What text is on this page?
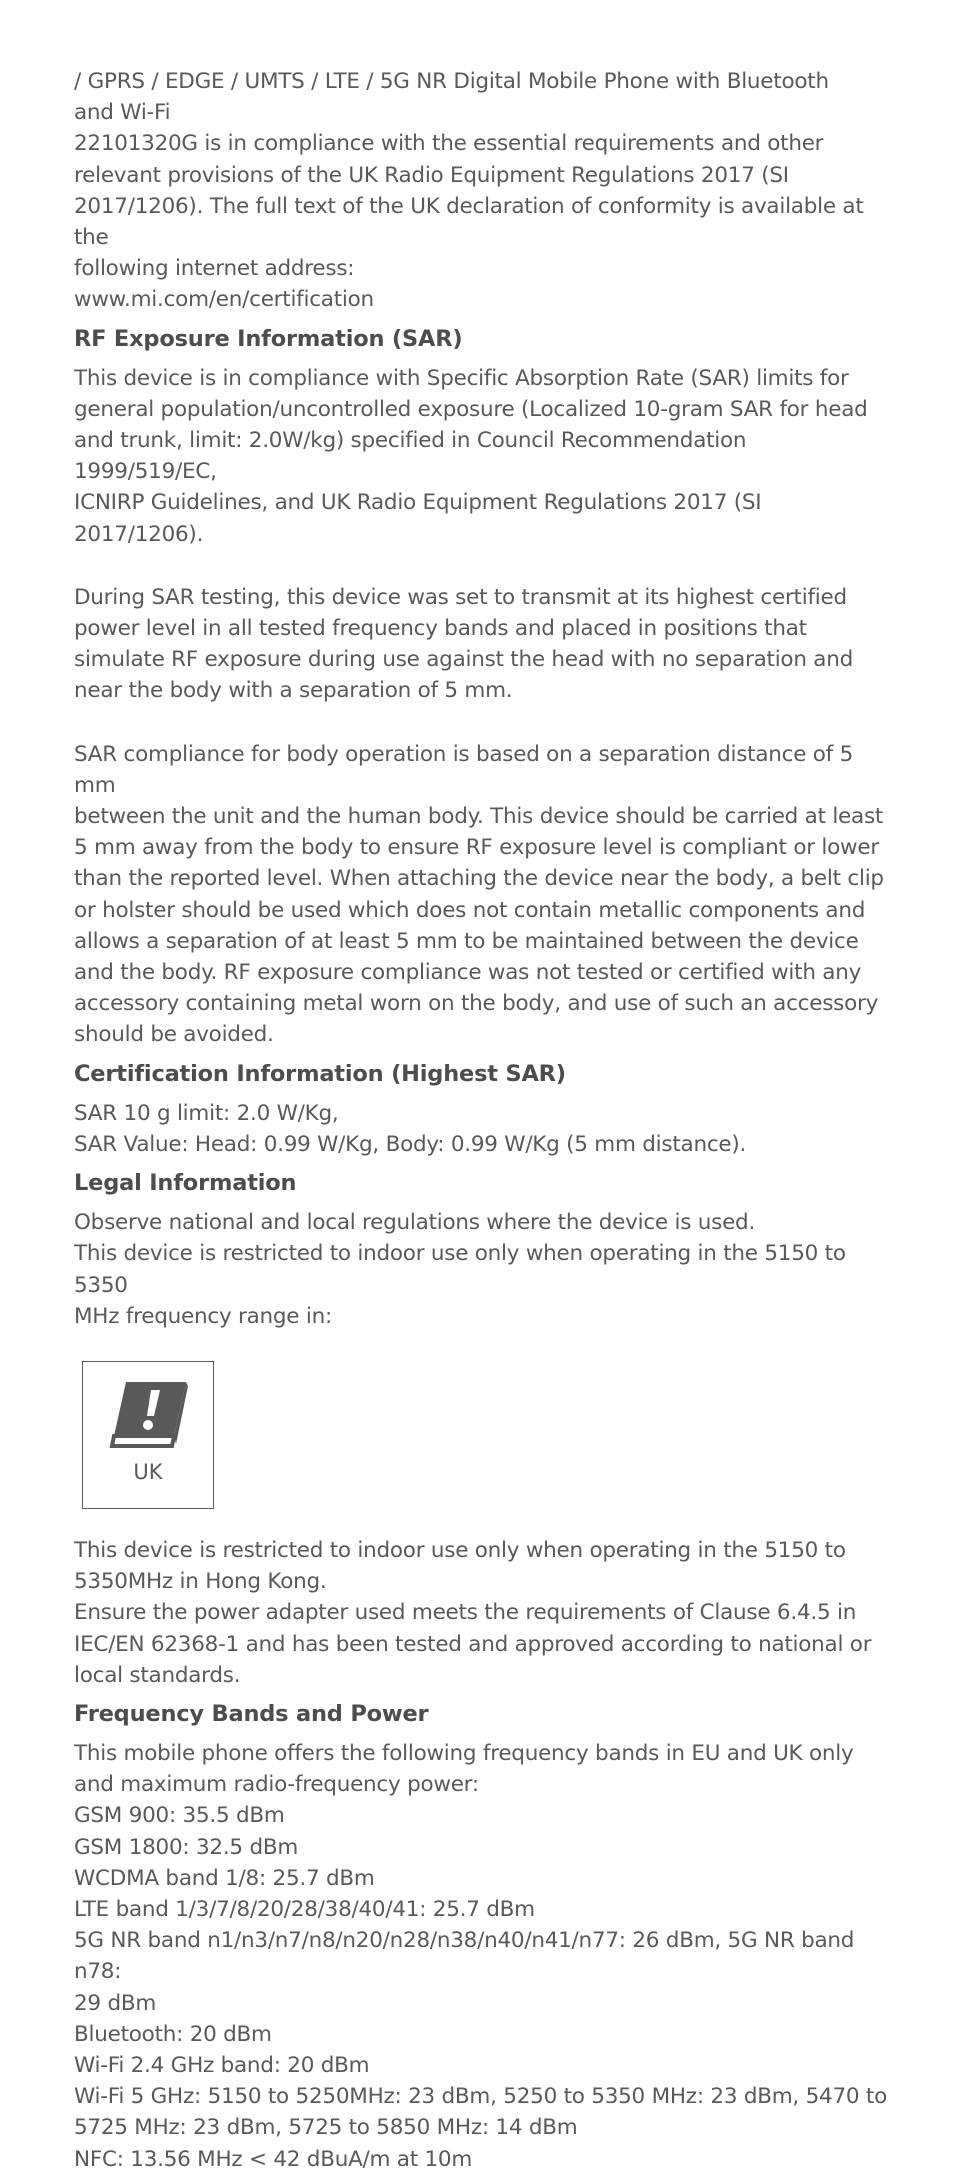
/ GPRS / EDGE / UMTS / LTE / 5G NR Digital Mobile Phone with Bluetooth

and Wi-Fi

22101320G is in compliance with the essential requirements and other

relevant provisions of the UK Radio Equipment Regulations 2017 (SI

2017/1206). The full text of the UK declaration of conformity is available at the

following internet address:

www.mi.com/en/certification

RF Exposure Information (SAR)

This device is in compliance with Specific Absorption Rate (SAR) limits for

general population/uncontrolled exposure (Localized 10-gram SAR for head

and trunk, limit: 2.0W/kg) specified in Council Recommendation 1999/519/EC,

ICNIRP Guidelines, and UK Radio Equipment Regulations 2017 (SI 2017/1206).

During SAR testing, this device was set to transmit at its highest certified

power level in all tested frequency bands and placed in positions that

simulate RF exposure during use against the head with no separation and

near the body with a separation of 5 mm.

SAR compliance for body operation is based on a separation distance of 5 mm

between the unit and the human body. This device should be carried at least

5 mm away from the body to ensure RF exposure level is compliant or lower

than the reported level. When attaching the device near the body, a belt clip

or holster should be used which does not contain metallic components and

allows a separation of at least 5 mm to be maintained between the device

and the body. RF exposure compliance was not tested or certified with any

accessory containing metal worn on the body, and use of such an accessory

should be avoided.

Certification Information (Highest SAR)

SAR 10 g limit: 2.0 W/Kg,

SAR Value: Head: 0.99 W/Kg, Body: 0.99 W/Kg (5 mm distance).

Legal Information

Observe national and local regulations where the device is used.

This device is restricted to indoor use only when operating in the 5150 to 5350

MHz frequency range in:

UK

This device is restricted to indoor use only when operating in the 5150 to

5350MHz in Hong Kong.

Ensure the power adapter used meets the requirements of Clause 6.4.5 in

IEC/EN 62368-1 and has been tested and approved according to national or

local standards.

Frequency Bands and Power

This mobile phone offers the following frequency bands in EU and UK only

and maximum radio-frequency power:

GSM 900: 35.5 dBm

GSM 1800: 32.5 dBm

WCDMA band 1/8: 25.7 dBm

LTE band 1/3/7/8/20/28/38/40/41: 25.7 dBm

5G NR band n1/n3/n7/n8/n20/n28/n38/n40/n41/n77: 26 dBm, 5G NR band n78:

29 dBm

Bluetooth: 20 dBm

Wi-Fi 2.4 GHz band: 20 dBm

Wi-Fi 5 GHz: 5150 to 5250MHz: 23 dBm, 5250 to 5350 MHz: 23 dBm, 5470 to

5725 MHz: 23 dBm, 5725 to 5850 MHz: 14 dBm

NFC: 13.56 MHz < 42 dBuA/m at 10m
